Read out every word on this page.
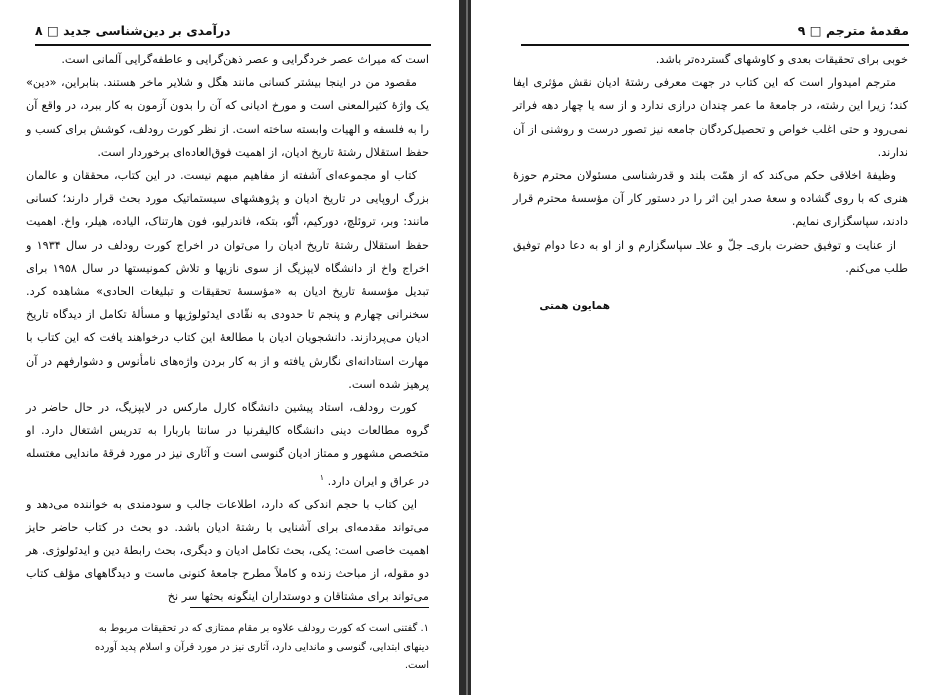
۸ □ درآمدی بر دین‌شناسی جدید

است که میراث عصر خردگرایی و عصر ذهن‌گرایی و عاطفه‌گرایی آلمانی است.

مقصود من در اینجا بیشتر کسانی مانند هگل و شلایر ماخر هستند. بنابراین، «دین» یک واژهٔ کثیرالمعنی است و مورخ ادیانی که آن را بدون آزمون به کار ببرد، در واقع آن را به فلسفه و الهیات وابسته ساخته است. از نظر کورت رودلف، کوشش برای کسب و حفظ استقلال رشتهٔ تاریخ ادیان، از اهمیت فوق‌العاده‌ای برخوردار است.

کتاب او مجموعه‌ای آشفته از مفاهیم مبهم نیست. در این کتاب، محققان و عالمان بزرگ اروپایی در تاریخ ادیان و پژوهشهای سیستماتیک مورد بحث قرار دارند؛ کسانی مانند: وبر، تروئلچ، دورکیم، اُتّو، بتکه، فاندرلیو، فون هارتناک، الیاده، هیلر، واخ. اهمیت حفظ استقلال رشتهٔ تاریخ ادیان را می‌توان در اخراج کورت رودلف در سال ۱۹۳۴ و اخراج واخ از دانشگاه لایپزیگ از سوی نازیها و تلاش کمونیستها در سال ۱۹۵۸ برای تبدیل مؤسسهٔ تاریخ ادیان به «مؤسسهٔ تحقیقات و تبلیغات الحادی» مشاهده کرد. سخنرانی چهارم و پنجم تا حدودی به نقّادی ایدئولوژیها و مسألهٔ تکامل از دیدگاه تاریخ ادیان می‌پردازند. دانشجویان ادیان با مطالعهٔ این کتاب درخواهند یافت که این کتاب با مهارت استادانه‌ای نگارش یافته و از به کار بردن واژه‌های نامأنوس و دشوارفهم در آن پرهیز شده است.

کورت رودلف، استاد پیشین دانشگاه کارل مارکس در لایپزیگ، در حال حاضر در گروه مطالعات دینی دانشگاه کالیفرنیا در سانتا باربارا به تدریس اشتغال دارد. او متخصص مشهور و ممتاز ادیان گنوسی است و آثاری نیز در مورد فرقهٔ ماندایی مغتسله در عراق و ایران دارد. $^۱$

این کتاب با حجم اندکی که دارد، اطلاعات جالب و سودمندی به خواننده می‌دهد و می‌تواند مقدمه‌ای برای آشنایی با رشتهٔ ادیان باشد. دو بحث در کتاب حاضر حایز اهمیت خاصی است: یکی، بحث تکامل ادیان و دیگری، بحث رابطهٔ دین و ایدئولوژی. هر دو مقوله، از مباحث زنده و کاملاً مطرح جامعهٔ کنونی ماست و دیدگاههای مؤلف کتاب می‌تواند برای مشتاقان و دوستداران اینگونه بحثها سر نخ

۱. گفتنی است که کورت رودلف علاوه بر مقام ممتازی که در تحقیقات مربوط به دینهای ابتدایی، گنوسی و ماندایی دارد، آثاری نیز در مورد قرآن و اسلام پدید آورده است.

مقدمهٔ مترجم □ ۹

خوبی برای تحقیقات بعدی و کاوشهای گسترده‌تر باشد.

مترجم امیدوار است که این کتاب در جهت معرفی رشتهٔ ادیان نقش مؤثری ایفا کند؛ زیرا این رشته، در جامعهٔ ما عمر چندان درازی ندارد و از سه یا چهار دهه فراتر نمی‌رود و حتی اغلب خواص و تحصیل‌کردگان جامعه نیز تصور درست و روشنی از آن ندارند.

وظیفهٔ اخلاقی حکم می‌کند که از همّت بلند و قدرشناسی مسئولان محترم حوزهٔ هنری که با روی گشاده و سعهٔ صدر این اثر را در دستور کار آن مؤسسهٔ محترم قرار دادند، سپاسگزاری نمایم.

از عنایت و توفیق حضرت باری‌ـ جلّ و علاـ سپاسگزارم و از او به دعا دوام توفیق طلب می‌کنم.

همایون همتی
